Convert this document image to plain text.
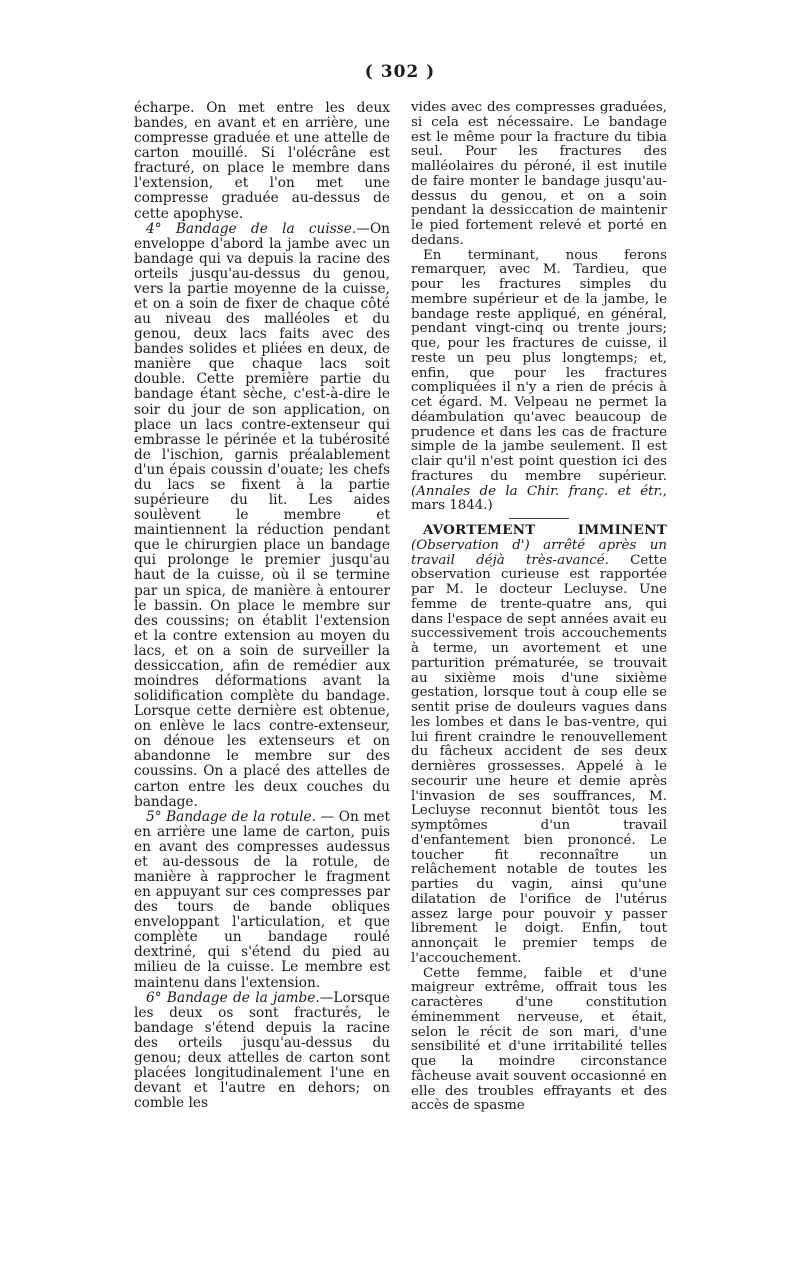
( 302 )

écharpe. On met entre les deux bandes, en avant et en arrière, une compresse graduée et une attelle de carton mouillé. Si l'olécrâne est fracturé, on place le membre dans l'extension, et l'on met une compresse graduée au-dessus de cette apophyse.

4° Bandage de la cuisse.—On enveloppe d'abord la jambe avec un bandage qui va depuis la racine des orteils jusqu'au-dessus du genou, vers la partie moyenne de la cuisse, et on a soin de fixer de chaque côté au niveau des malléoles et du genou, deux lacs faits avec des bandes solides et pliées en deux, de manière que chaque lacs soit double. Cette première partie du bandage étant sèche, c'est-à-dire le soir du jour de son application, on place un lacs contre-extenseur qui embrasse le périnée et la tubérosité de l'ischion, garnis préalablement d'un épais coussin d'ouate; les chefs du lacs se fixent à la partie supérieure du lit. Les aides soulèvent le membre et maintiennent la réduction pendant que le chirurgien place un bandage qui prolonge le premier jusqu'au haut de la cuisse, où il se termine par un spica, de manière à entourer le bassin. On place le membre sur des coussins; on établit l'extension et la contre extension au moyen du lacs, et on a soin de surveiller la dessiccation, afin de remédier aux moindres déformations avant la solidification complète du bandage. Lorsque cette dernière est obtenue, on enlève le lacs contre-extenseur, on dénoue les extenseurs et on abandonne le membre sur des coussins. On a placé des attelles de carton entre les deux couches du bandage.

5° Bandage de la rotule. — On met en arrière une lame de carton, puis en avant des compresses audessus et au-dessous de la rotule, de manière à rapprocher le fragment en appuyant sur ces compresses par des tours de bande obliques enveloppant l'articulation, et que complète un bandage roulé dextriné, qui s'étend du pied au milieu de la cuisse. Le membre est maintenu dans l'extension.

6° Bandage de la jambe.—Lorsque les deux os sont fracturés, le bandage s'étend depuis la racine des orteils jusqu'au-dessus du genou; deux attelles de carton sont placées longitudinalement l'une en devant et l'autre en dehors; on comble les

vides avec des compresses graduées, si cela est nécessaire. Le bandage est le même pour la fracture du tibia seul. Pour les fractures des malléolaires du péroné, il est inutile de faire monter le bandage jusqu'au-dessus du genou, et on a soin pendant la dessiccation de maintenir le pied fortement relevé et porté en dedans.

En terminant, nous ferons remarquer, avec M. Tardieu, que pour les fractures simples du membre supérieur et de la jambe, le bandage reste appliqué, en général, pendant vingt-cinq ou trente jours; que, pour les fractures de cuisse, il reste un peu plus longtemps; et, enfin, que pour les fractures compliquées il n'y a rien de précis à cet égard. M. Velpeau ne permet la déambulation qu'avec beaucoup de prudence et dans les cas de fracture simple de la jambe seulement. Il est clair qu'il n'est point question ici des fractures du membre supérieur. (Annales de la Chir. franç. et étr., mars 1844.)

AVORTEMENT IMMINENT (Observation d') arrêté après un travail déjà très-avancé. Cette observation curieuse est rapportée par M. le docteur Lecluyse. Une femme de trente-quatre ans, qui dans l'espace de sept années avait eu successivement trois accouchements à terme, un avortement et une parturition prématurée, se trouvait au sixième mois d'une sixième gestation, lorsque tout à coup elle se sentit prise de douleurs vagues dans les lombes et dans le bas-ventre, qui lui firent craindre le renouvellement du fâcheux accident de ses deux dernières grossesses. Appelé à le secourir une heure et demie après l'invasion de ses souffrances, M. Lecluyse reconnut bientôt tous les symptômes d'un travail d'enfantement bien prononcé. Le toucher fit reconnaître un relâchement notable de toutes les parties du vagin, ainsi qu'une dilatation de l'orifice de l'utérus assez large pour pouvoir y passer librement le doigt. Enfin, tout annonçait le premier temps de l'accouchement.

Cette femme, faible et d'une maigreur extrême, offrait tous les caractères d'une constitution éminemment nerveuse, et était, selon le récit de son mari, d'une sensibilité et d'une irritabilité telles que la moindre circonstance fâcheuse avait souvent occasionné en elle des troubles effrayants et des accès de spasme
